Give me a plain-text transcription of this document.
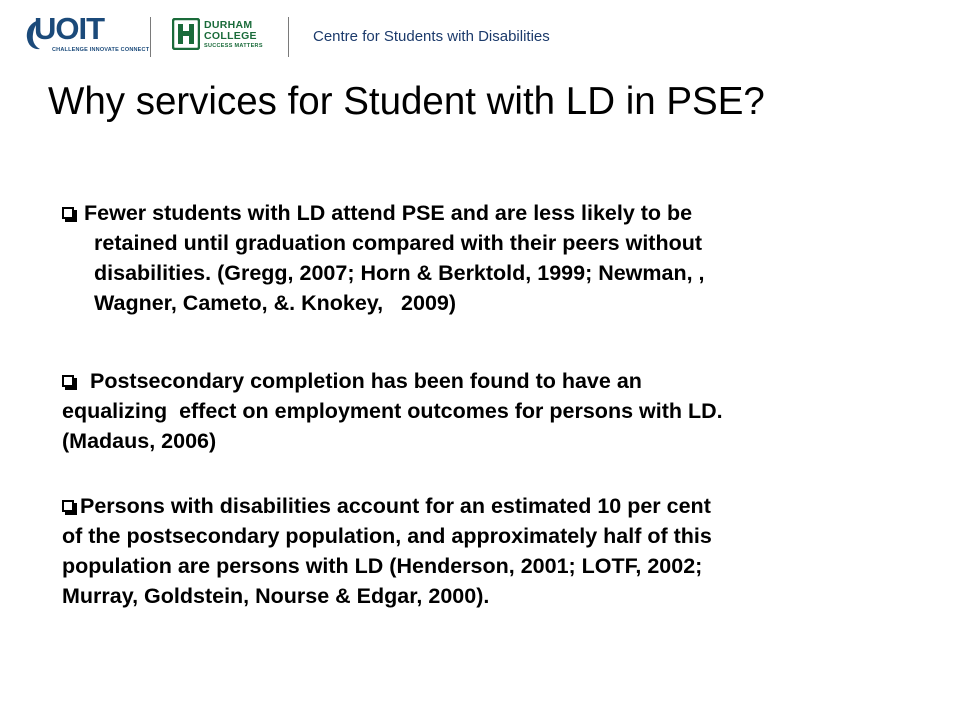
UOIT
CHALLENGE INNOVATE CONNECT
DURHAM
COLLEGE
SUCCESS MATTERS
Centre for Students with Disabilities
Why services for Student with LD in PSE?
Fewer students with LD attend PSE and are less likely to be
retained until graduation compared with their peers without
disabilities. (Gregg, 2007; Horn & Berktold, 1999; Newman, ,
Wagner, Cameto, &. Knokey,   2009)
Postsecondary completion has been found to have an
equalizing  effect on employment outcomes for persons with LD.
(Madaus, 2006)
Persons with disabilities account for an estimated 10 per cent
of the postsecondary population, and approximately half of this
population are persons with LD (Henderson, 2001; LOTF, 2002;
Murray, Goldstein, Nourse & Edgar, 2000).
